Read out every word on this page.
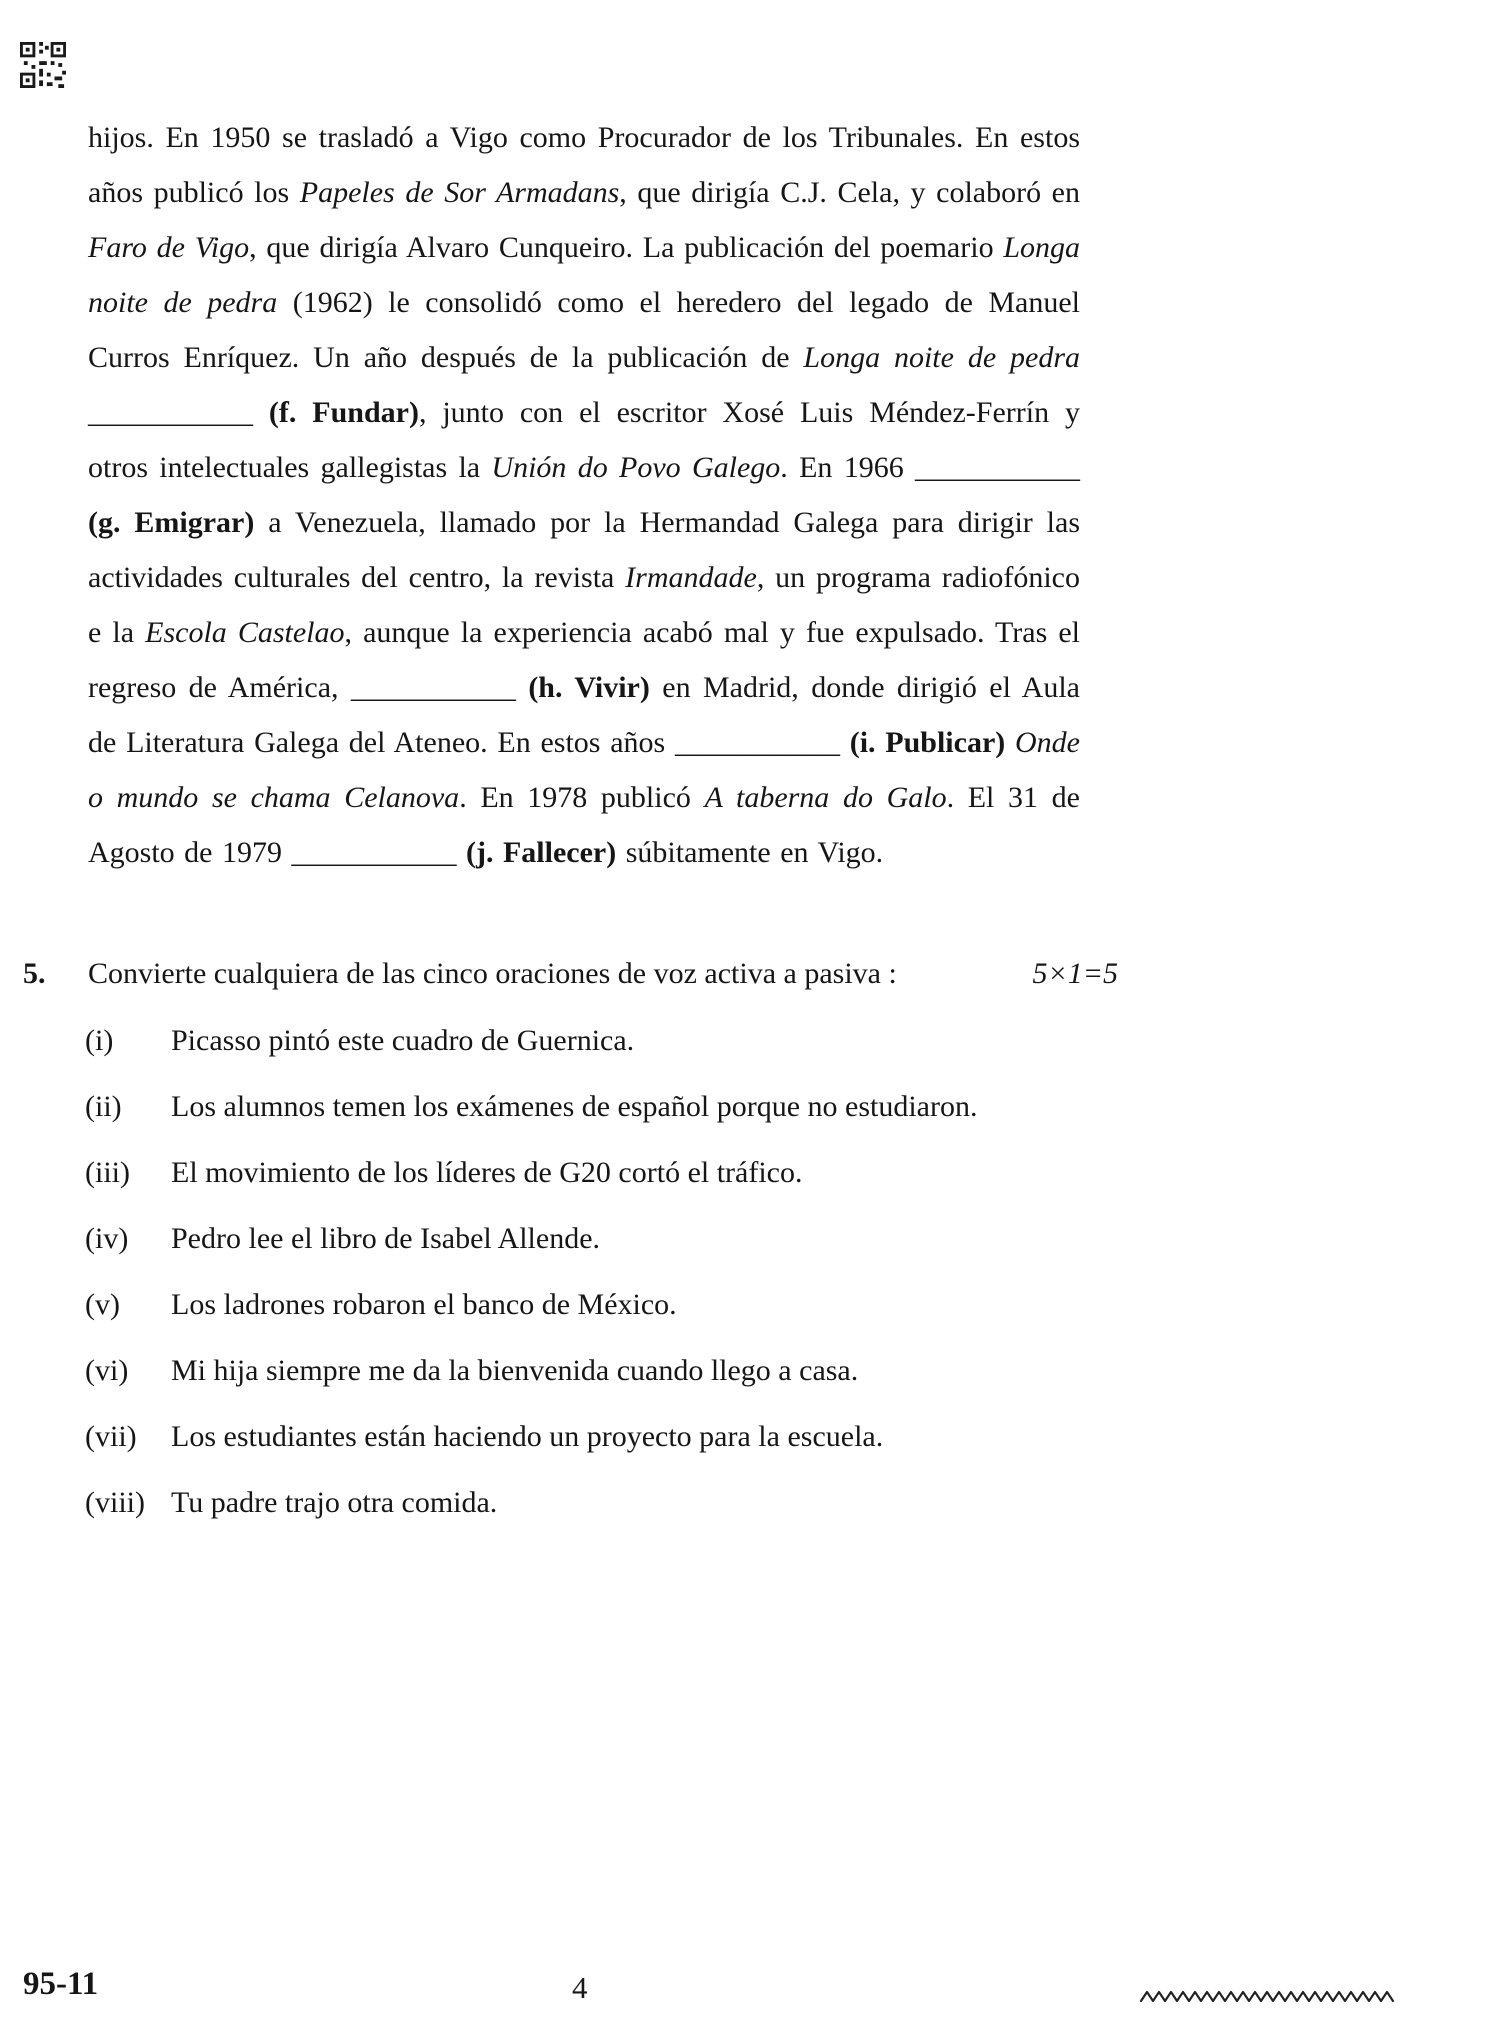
hijos. En 1950 se trasladó a Vigo como Procurador de los Tribunales. En estos años publicó los Papeles de Sor Armadans, que dirigía C.J. Cela, y colaboró en Faro de Vigo, que dirigía Alvaro Cunqueiro. La publicación del poemario Longa noite de pedra (1962) le consolidó como el heredero del legado de Manuel Curros Enríquez. Un año después de la publicación de Longa noite de pedra ___________ (f. Fundar), junto con el escritor Xosé Luis Méndez-Ferrín y otros intelectuales gallegistas la Unión do Povo Galego. En 1966 ___________ (g. Emigrar) a Venezuela, llamado por la Hermandad Galega para dirigir las actividades culturales del centro, la revista Irmandade, un programa radiofónico e la Escola Castelao, aunque la experiencia acabó mal y fue expulsado. Tras el regreso de América, ___________ (h. Vivir) en Madrid, donde dirigió el Aula de Literatura Galega del Ateneo. En estos años ___________ (i. Publicar) Onde o mundo se chama Celanova. En 1978 publicó A taberna do Galo. El 31 de Agosto de 1979 ___________ (j. Fallecer) súbitamente en Vigo.
5. Convierte cualquiera de las cinco oraciones de voz activa a pasiva :	5×1=5
(i)	Picasso pintó este cuadro de Guernica.
(ii)	Los alumnos temen los exámenes de español porque no estudiaron.
(iii)	El movimiento de los líderes de G20 cortó el tráfico.
(iv)	Pedro lee el libro de Isabel Allende.
(v)	Los ladrones robaron el banco de México.
(vi)	Mi hija siempre me da la bienvenida cuando llego a casa.
(vii)	Los estudiantes están haciendo un proyecto para la escuela.
(viii) Tu padre trajo otra comida.
95-11	4
